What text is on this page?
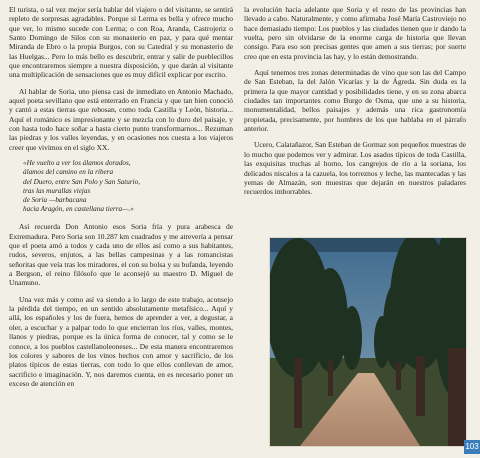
El turista, o tal vez mejor sería hablar del viajero o del visitante, se sentirá repleto de sorpresas agradables. Porque si Lerma es bella y ofrece mucho que ver, lo mismo sucede con Lerma; o con Roa, Aranda, Castrojeriz o Santo Domingo de Silos con su monasterio en paz, y para qué mentar Miranda de Ebro o la propia Burgos, con su Catedral y su monasterio de las Huelgas... Pero lo más bello es descubrir, entrar y salir de pueblecillos que encontraremos siempre a nuestra disposición, y que darán al visitante una multiplicación de sensaciones que es muy difícil explicar por escrito.

Al hablar de Soria, uno piensa casi de inmediato en Antonio Machado, aquel poeta sevillano que está enterrado en Francia y que tan bien conoció y cantó a estas tierras que rebosan, como toda Castilla y León, historia... Aquí el románico es impresionante y se mezcla con lo duro del paisaje, y con hasta todo hace soñar a hasta cierto punto transformarnos... Rezuman las piedras y los valles leyendas, y en ocasiones nos cuesta a los viajeros creer que vivimos en el siglo XX.

«He vuelto a ver los álamos dorados,
álamos del camino en la ribera
del Duero, entre San Polo y San Saturio,
tras las murallas viejas
de Soria —barbacana
hacia Aragón, en castellana tierra—.»

Así recuerda Don Antonio esos Soria fría y pura arabesca de Extremadura. Pero Soria son 10.287 km cuadrados y me atrevería a pensar que el poeta amó a todos y cada uno de ellos así como a sus habitantes, rudos, severos, enjutos, a las bellas campesinas y a las romancistas señoritas que veía tras los miradores, el con su bolsa y su bufanda, leyendo a Bergson, el reino filósofo que le aconsejó su maestro D. Miguel de Unamuno.

Una vez más y como así va siendo a lo largo de este trabajo, aconsejo la pérdida del tiempo, en un sentido absolutamente metafísico... Aquí y allá, los españoles y los de fuera, hemos de aprender a ver, a degustar, a oler, a escuchar y a palpar todo lo que encierran los ríos, valles, montes, llanos y piedras, porque es la única forma de conocer, tal y como se le conoce, a los pueblos castellanoleoneses... De esta manera encontraremos los colores y sabores de los vinos hechos con amor y sacrificio, de los platos típicos de estas tierras, con todo lo que ellos conllevan de amor, sacrificio e imaginación. Y, nos daremos cuenta, en es necesario poner un exceso de atención en

la evolución hacia adelante que Soria y el resto de las provincias han llevado a cabo. Naturalmente, y como afirmaba José María Castroviejo no hace demasiado tiempo: Los pueblos y las ciudades tienen que ir dando la vuelta, pero sin olvidarse de la enorme carga de historia que llevan consigo. Para eso son precisas gentes que amen a sus tierras; por suerte creo que en esta provincia las hay, y lo están demostrando.

Aquí tenemos tres zonas determinadas de vino que son las del Campo de San Esteban, la del Jalón Vicarías y la de Ágreda. Sin duda es la primera la que mayor cantidad y posibilidades tiene, y en su zona abarca ciudades tan importantes como Burgo de Osma, que une a su historia, monumentalidad, bellos paisajes y además una rica gastronomía propietada, precisamente, por hombres de los que hablaba en el párrafo anterior.

Ucero, Calatañazor, San Esteban de Gormaz son pequeños muestras de lo mucho que podemos ver y admirar. Los asados típicos de toda Castilla, las exquisitas truchas al horno, los cangrejos de río a la soriana, los delicados niscalos a la cazuela, los torreznos y leche, las mantecadas y las yemas de Almazán, son muestras que dejarán en nuestros paladares recuerdos imborrables.

103
